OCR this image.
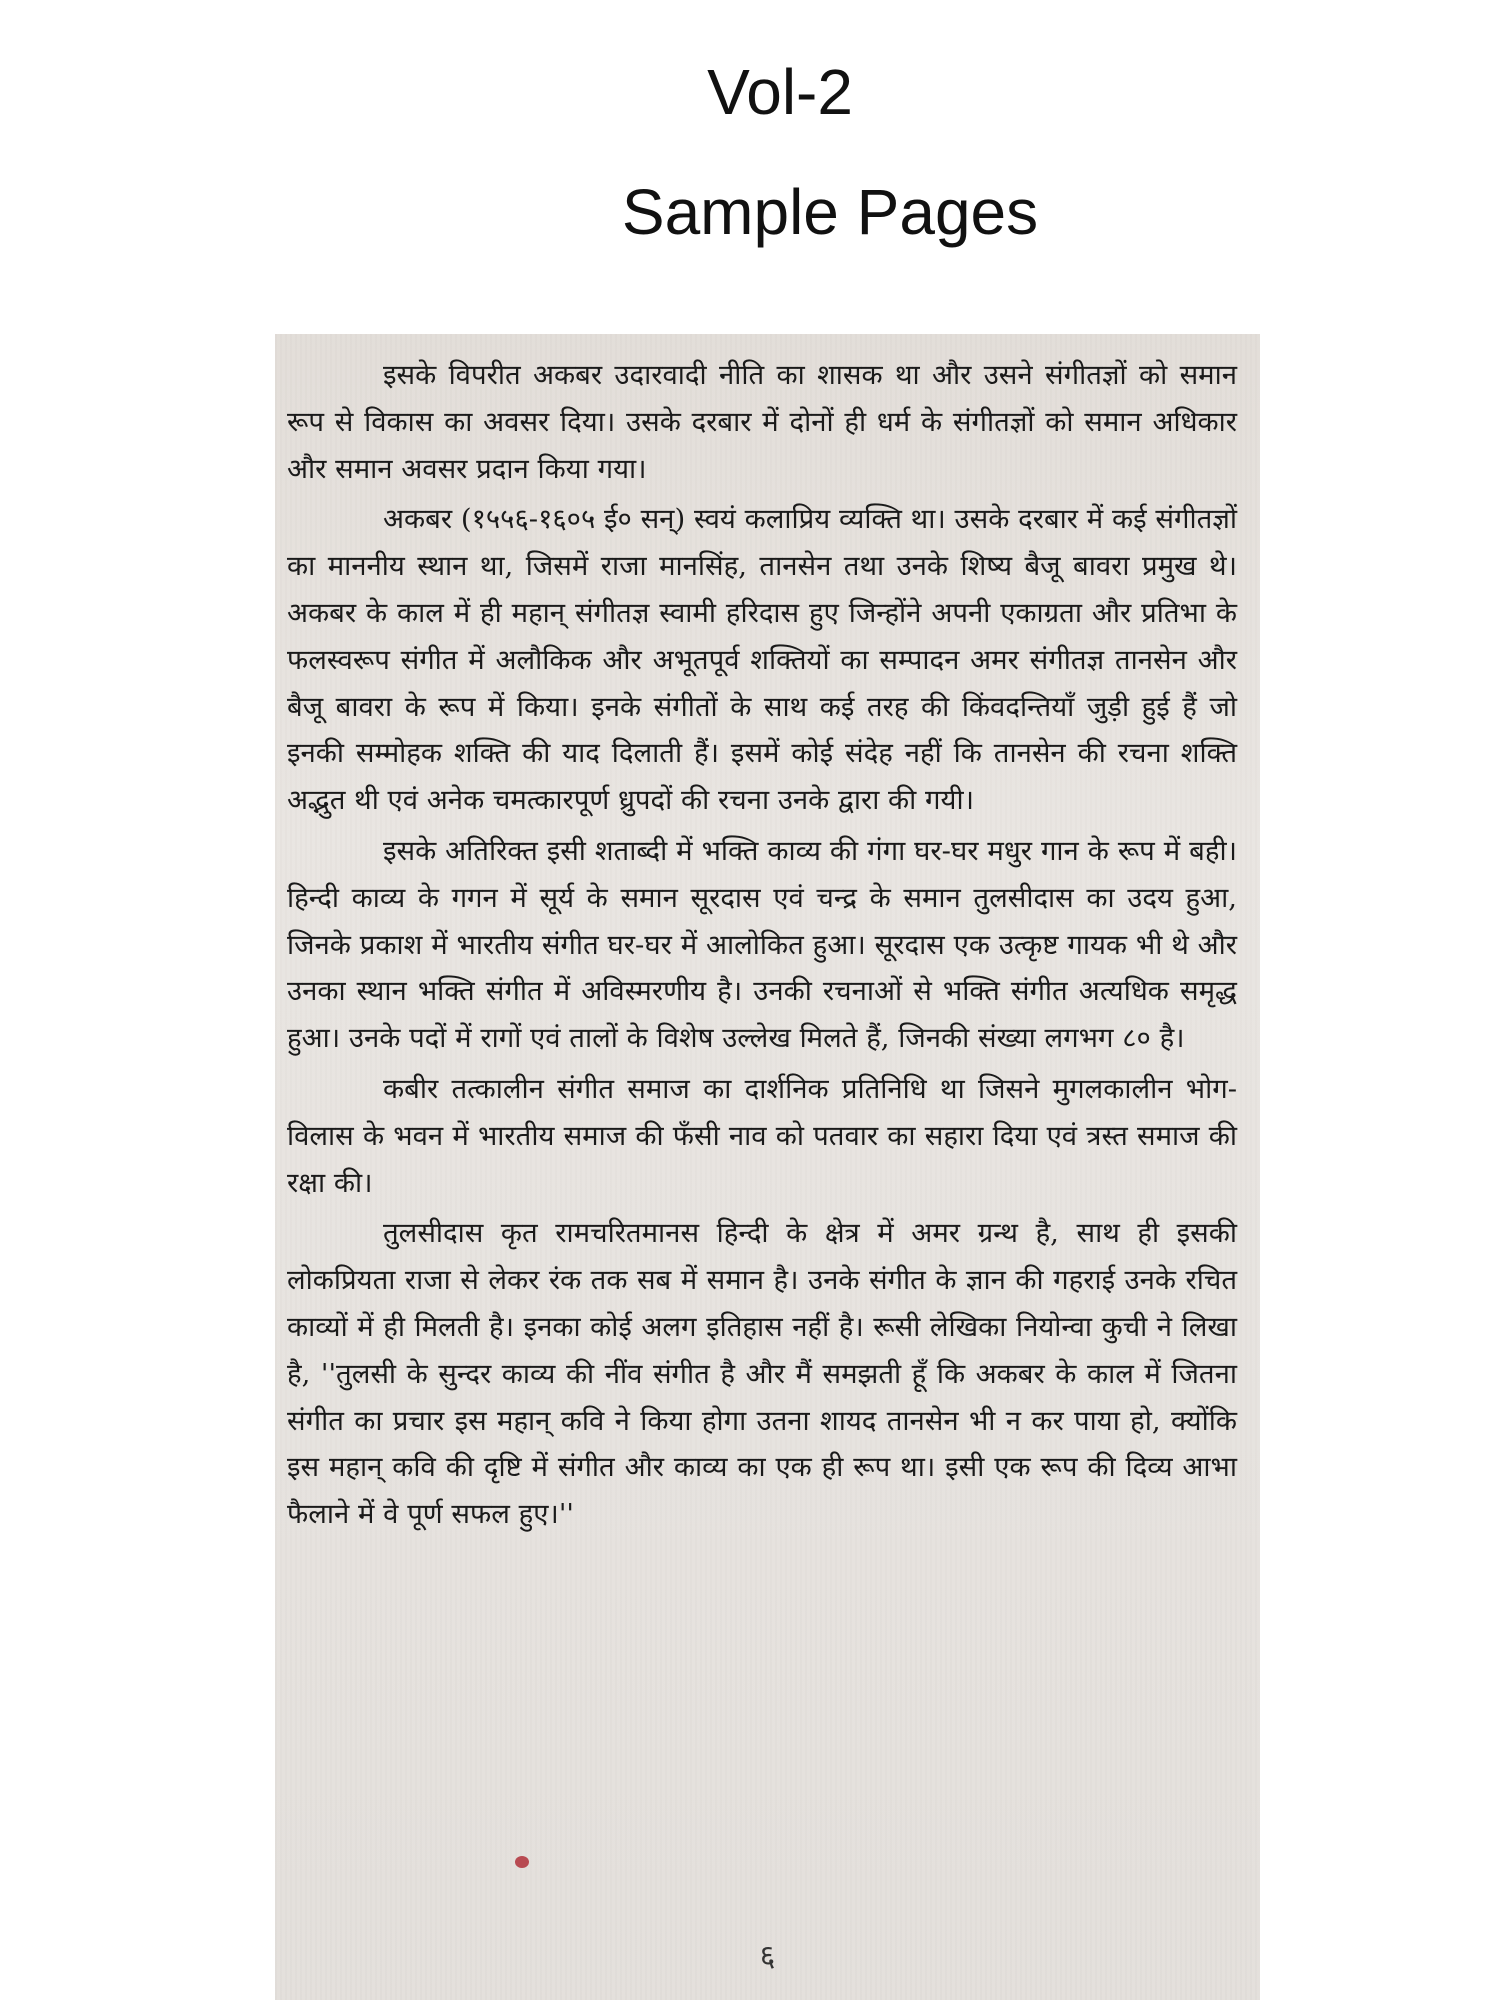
Vol-2
Sample Pages

इसके विपरीत अकबर उदारवादी नीति का शासक था और उसने संगीतज्ञों को समान रूप से विकास का अवसर दिया। उसके दरबार में दोनों ही धर्म के संगीतज्ञों को समान अधिकार और समान अवसर प्रदान किया गया।

अकबर (१५५६-१६०५ ई० सन्) स्वयं कलाप्रिय व्यक्ति था। उसके दरबार में कई संगीतज्ञों का माननीय स्थान था, जिसमें राजा मानसिंह, तानसेन तथा उनके शिष्य बैजू बावरा प्रमुख थे। अकबर के काल में ही महान् संगीतज्ञ स्वामी हरिदास हुए जिन्होंने अपनी एकाग्रता और प्रतिभा के फलस्वरूप संगीत में अलौकिक और अभूतपूर्व शक्तियों का सम्पादन अमर संगीतज्ञ तानसेन और बैजू बावरा के रूप में किया। इनके संगीतों के साथ कई तरह की किंवदन्तियाँ जुड़ी हुई हैं जो इनकी सम्मोहक शक्ति की याद दिलाती हैं। इसमें कोई संदेह नहीं कि तानसेन की रचना शक्ति अद्भुत थी एवं अनेक चमत्कारपूर्ण ध्रुपदों की रचना उनके द्वारा की गयी।

इसके अतिरिक्त इसी शताब्दी में भक्ति काव्य की गंगा घर-घर मधुर गान के रूप में बही। हिन्दी काव्य के गगन में सूर्य के समान सूरदास एवं चन्द्र के समान तुलसीदास का उदय हुआ, जिनके प्रकाश में भारतीय संगीत घर-घर में आलोकित हुआ। सूरदास एक उत्कृष्ट गायक भी थे और उनका स्थान भक्ति संगीत में अविस्मरणीय है। उनकी रचनाओं से भक्ति संगीत अत्यधिक समृद्ध हुआ। उनके पदों में रागों एवं तालों के विशेष उल्लेख मिलते हैं, जिनकी संख्या लगभग ८० है।

कबीर तत्कालीन संगीत समाज का दार्शनिक प्रतिनिधि था जिसने मुगलकालीन भोग-विलास के भवन में भारतीय समाज की फँसी नाव को पतवार का सहारा दिया एवं त्रस्त समाज की रक्षा की।

तुलसीदास कृत रामचरितमानस हिन्दी के क्षेत्र में अमर ग्रन्थ है, साथ ही इसकी लोकप्रियता राजा से लेकर रंक तक सब में समान है। उनके संगीत के ज्ञान की गहराई उनके रचित काव्यों में ही मिलती है। इनका कोई अलग इतिहास नहीं है। रूसी लेखिका नियोन्वा कुची ने लिखा है, ''तुलसी के सुन्दर काव्य की नींव संगीत है और मैं समझती हूँ कि अकबर के काल में जितना संगीत का प्रचार इस महान् कवि ने किया होगा उतना शायद तानसेन भी न कर पाया हो, क्योंकि इस महान् कवि की दृष्टि में संगीत और काव्य का एक ही रूप था। इसी एक रूप की दिव्य आभा फैलाने में वे पूर्ण सफल हुए।''

६
